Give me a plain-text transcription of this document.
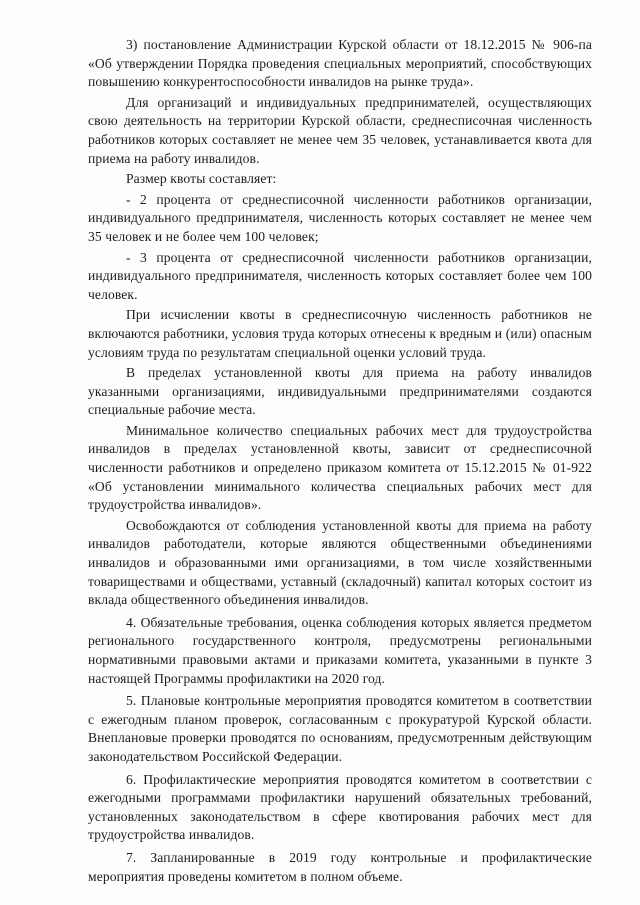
3) постановление Администрации Курской области от 18.12.2015 № 906-па «Об утверждении Порядка проведения специальных мероприятий, способствующих повышению конкурентоспособности инвалидов на рынке труда».

Для организаций и индивидуальных предпринимателей, осуществляющих свою деятельность на территории Курской области, среднесписочная численность работников которых составляет не менее чем 35 человек, устанавливается квота для приема на работу инвалидов.

Размер квоты составляет:

- 2 процента от среднесписочной численности работников организации, индивидуального предпринимателя, численность которых составляет не менее чем 35 человек и не более чем 100 человек;

- 3 процента от среднесписочной численности работников организации, индивидуального предпринимателя, численность которых составляет более чем 100 человек.

При исчислении квоты в среднесписочную численность работников не включаются работники, условия труда которых отнесены к вредным и (или) опасным условиям труда по результатам специальной оценки условий труда.

В пределах установленной квоты для приема на работу инвалидов указанными организациями, индивидуальными предпринимателями создаются специальные рабочие места.

Минимальное количество специальных рабочих мест для трудоустройства инвалидов в пределах установленной квоты, зависит от среднесписочной численности работников и определено приказом комитета от 15.12.2015 № 01-922 «Об установлении минимального количества специальных рабочих мест для трудоустройства инвалидов».

Освобождаются от соблюдения установленной квоты для приема на работу инвалидов работодатели, которые являются общественными объединениями инвалидов и образованными ими организациями, в том числе хозяйственными товариществами и обществами, уставный (складочный) капитал которых состоит из вклада общественного объединения инвалидов.

4. Обязательные требования, оценка соблюдения которых является предметом регионального государственного контроля, предусмотрены региональными нормативными правовыми актами и приказами комитета, указанными в пункте 3 настоящей Программы профилактики на 2020 год.

5. Плановые контрольные мероприятия проводятся комитетом в соответствии с ежегодным планом проверок, согласованным с прокуратурой Курской области. Внеплановые проверки проводятся по основаниям, предусмотренным действующим законодательством Российской Федерации.

6. Профилактические мероприятия проводятся комитетом в соответствии с ежегодными программами профилактики нарушений обязательных требований, установленных законодательством в сфере квотирования рабочих мест для трудоустройства инвалидов.

7. Запланированные в 2019 году контрольные и профилактические мероприятия проведены комитетом в полном объеме.
